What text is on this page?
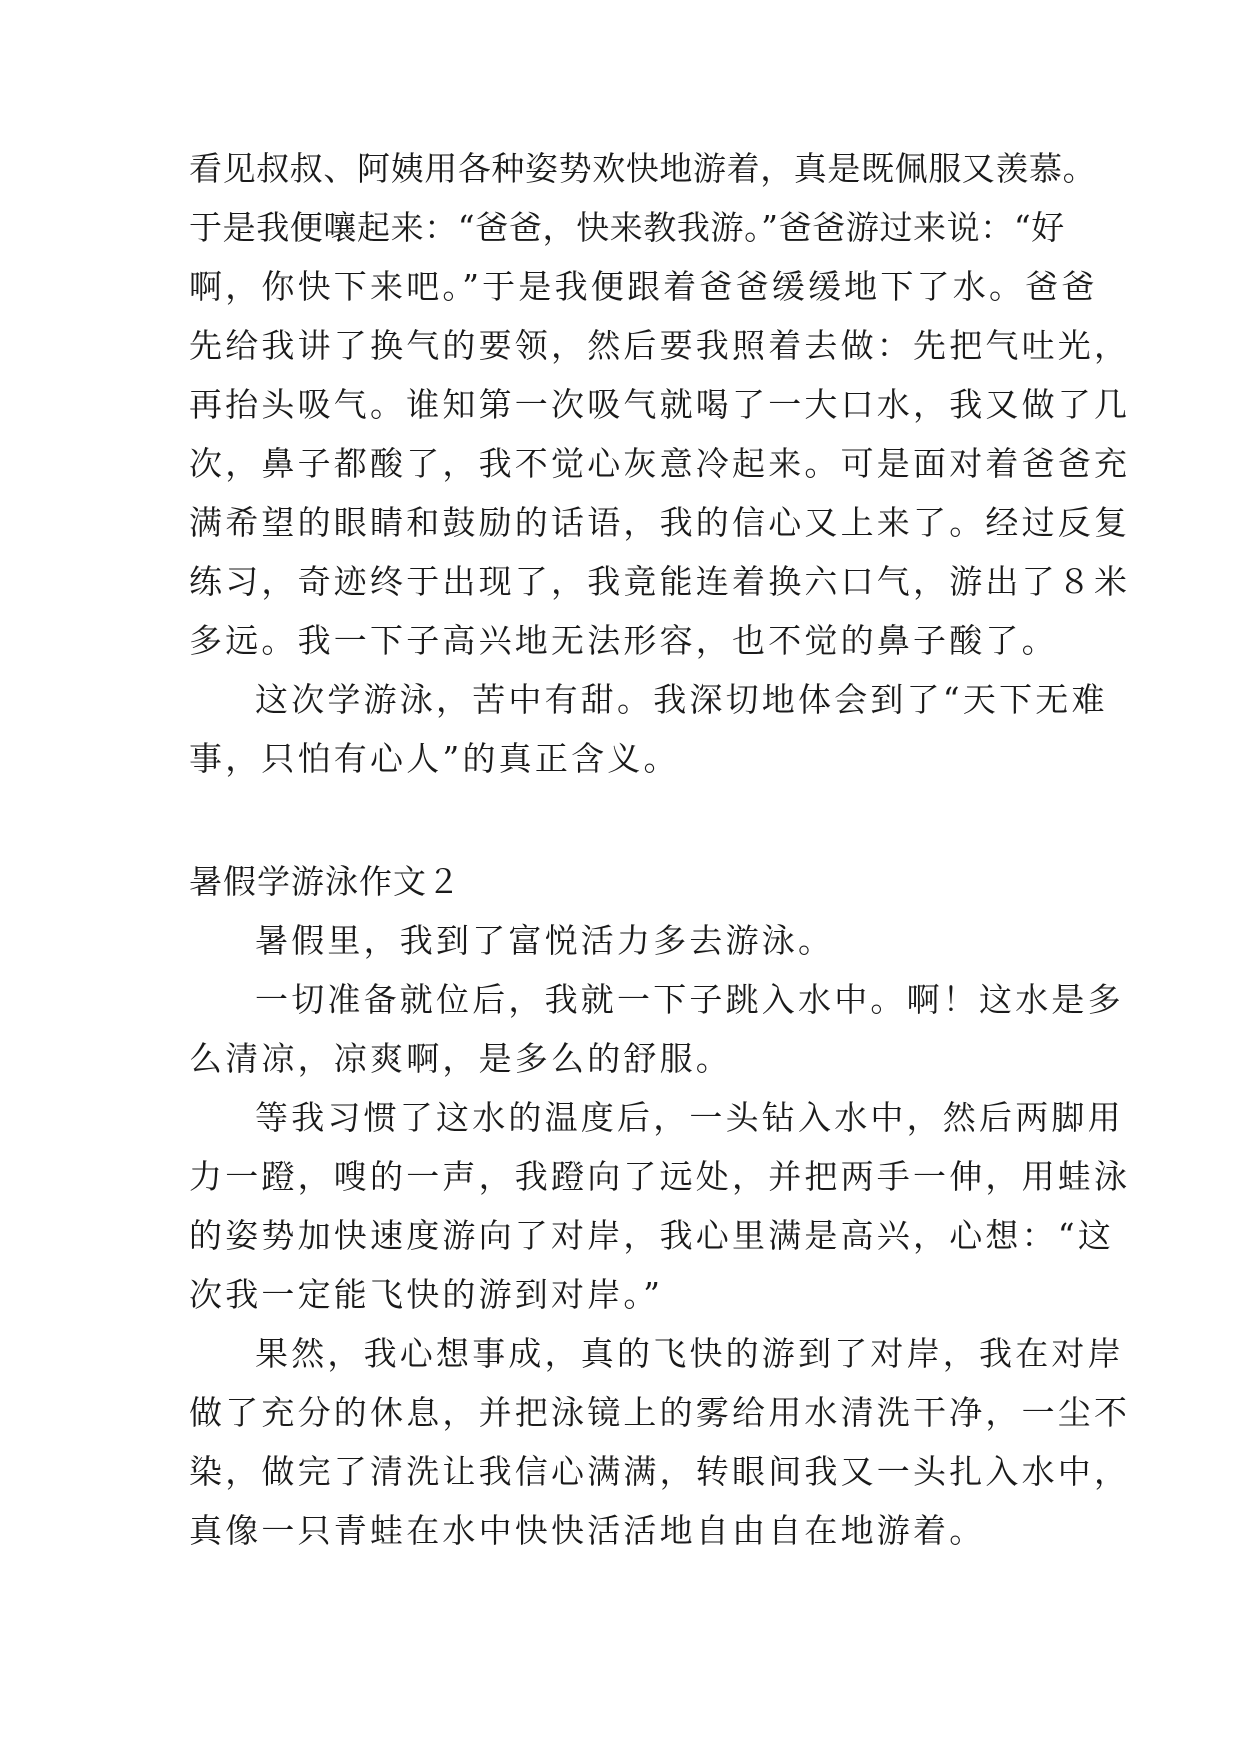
看见叔叔、阿姨用各种姿势欢快地游着，真是既佩服又羡慕。
于是我便嚷起来：“爸爸，快来教我游。”爸爸游过来说：“好
啊，你快下来吧。”于是我便跟着爸爸缓缓地下了水。爸爸
先给我讲了换气的要领，然后要我照着去做：先把气吐光，
再抬头吸气。谁知第一次吸气就喝了一大口水，我又做了几
次，鼻子都酸了，我不觉心灰意冷起来。可是面对着爸爸充
满希望的眼睛和鼓励的话语，我的信心又上来了。经过反复
练习，奇迹终于出现了，我竟能连着换六口气，游出了８米
多远。我一下子高兴地无法形容，也不觉的鼻子酸了。
这次学游泳，苦中有甜。我深切地体会到了“天下无难
事，只怕有心人”的真正含义。
暑假学游泳作文２
暑假里，我到了富悦活力多去游泳。
一切准备就位后，我就一下子跳入水中。啊！这水是多
么清凉，凉爽啊，是多么的舒服。
等我习惯了这水的温度后，一头钻入水中，然后两脚用
力一蹬，嗖的一声，我蹬向了远处，并把两手一伸，用蛙泳
的姿势加快速度游向了对岸，我心里满是高兴，心想：“这
次我一定能飞快的游到对岸。”
果然，我心想事成，真的飞快的游到了对岸，我在对岸
做了充分的休息，并把泳镜上的雾给用水清洗干净，一尘不
染，做完了清洗让我信心满满，转眼间我又一头扎入水中，
真像一只青蛙在水中快快活活地自由自在地游着。
